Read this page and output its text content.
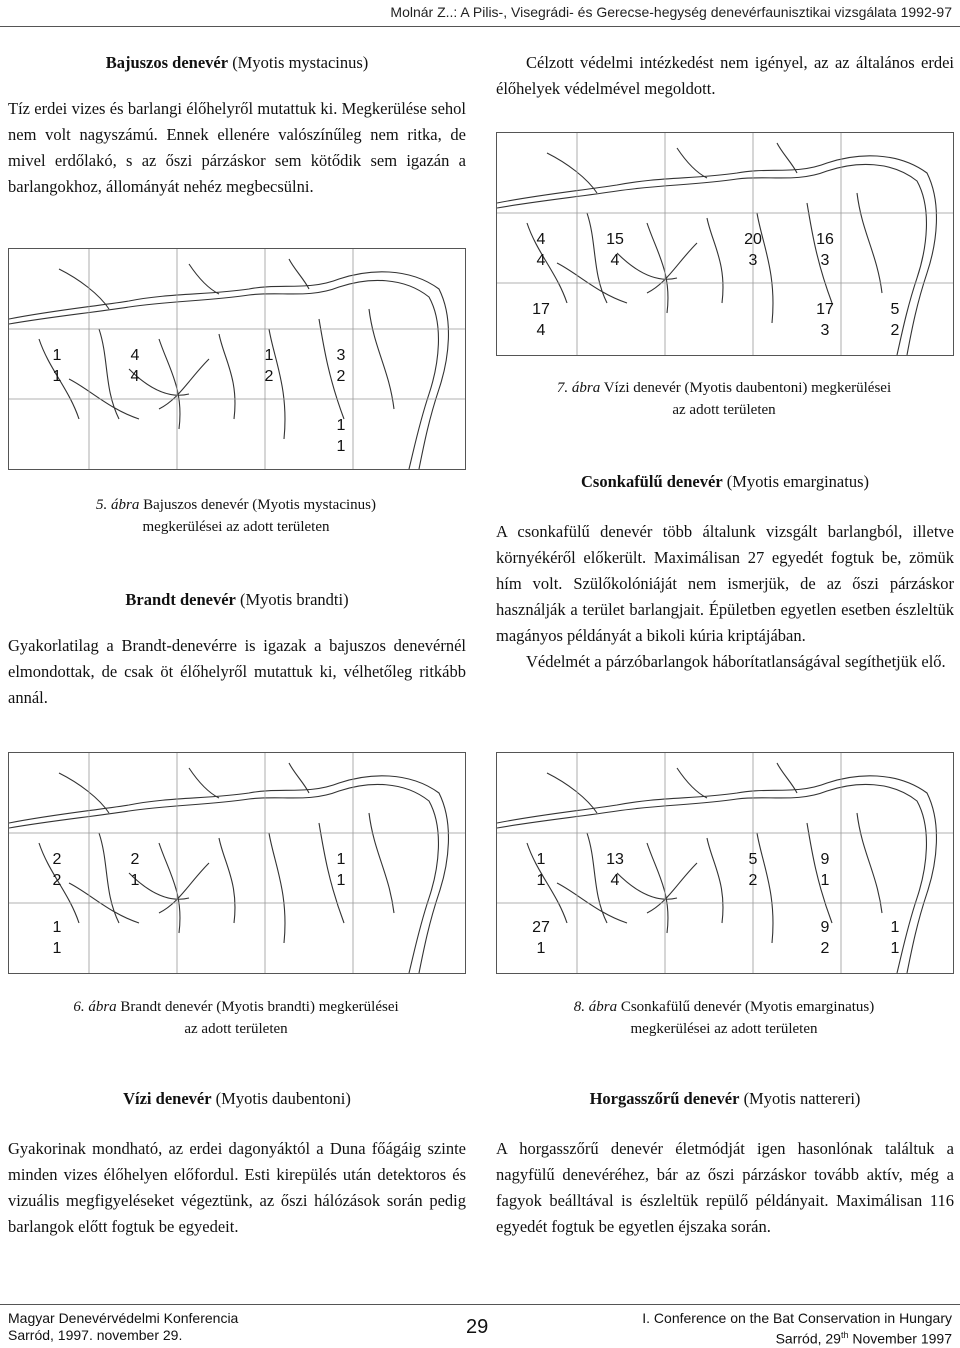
Molnár Z..: A Pilis-, Visegrádi- és Gerecse-hegység denevérfaunisztikai vizsgálata 1992-97

Bajuszos denevér (Myotis mystacinus)

Tíz erdei vizes és barlangi élőhelyről mutattuk ki. Megkerülése sehol nem volt nagyszámú. Ennek ellenére valószínűleg nem ritka, de mivel erdőlakó, s az őszi párzáskor sem kötődik sem igazán a barlangokhoz, állományát nehéz megbecsülni.

Célzott védelmi intézkedést nem igényel, az az általános erdei élőhelyek védelmével megoldott.

1
1
4
4
1
2
3
2
1
1
5. ábra Bajuszos denevér (Myotis mystacinus)
megkerülései az adott területen
4
4
15
4
20
3
16
3
17
4
17
3
5
2
7. ábra Vízi denevér (Myotis daubentoni) megkerülései
az adott területen

Brandt denevér (Myotis brandti)

Gyakorlatilag a Brandt-denevérre is igazak a bajuszos denevérnél elmondottak, de csak öt élőhelyről mutattuk ki, vélhetőleg ritkább annál.

Csonkafülű denevér (Myotis emarginatus)

A csonkafülű denevér több általunk vizsgált barlangból, illetve környékéről előkerült. Maximálisan 27 egyedét fogtuk be, zömük hím volt. Szülőkolóniáját nem ismerjük, de az őszi párzáskor használják a terület barlangjait. Épületben egyetlen esetben észleltük magányos példányát a bikoli kúria kriptájában.

Védelmét a párzóbarlangok háborítatlanságával segíthetjük elő.

2
2
2
1
1
1
1
1
6. ábra Brandt denevér (Myotis brandti) megkerülései
az adott területen
1
1
13
4
5
2
9
1
27
1
9
2
1
1
8. ábra Csonkafülű denevér (Myotis emarginatus)
megkerülései az adott területen

Vízi denevér (Myotis daubentoni)

Gyakorinak mondható, az erdei dagonyáktól a Duna főágáig szinte minden vizes élőhelyen előfordul. Esti kirepülés után detektoros és vizuális megfigyeléseket végeztünk, az őszi hálózások során pedig barlangok előtt fogtuk be egyedeit.

Horgasszőrű denevér (Myotis nattereri)

A horgasszőrű denevér életmódját igen hasonlónak találtuk a nagyfülű denevéréhez, bár az őszi párzáskor tovább aktív, még a fagyok beálltával is észleltük repülő példányait. Maximálisan 116 egyedét fogtuk be egyetlen éjszaka során.

Magyar Denevérvédelmi Konferencia
Sarród, 1997. november 29.	29	I. Conference on the Bat Conservation in Hungary
Sarród, 29th November 1997
